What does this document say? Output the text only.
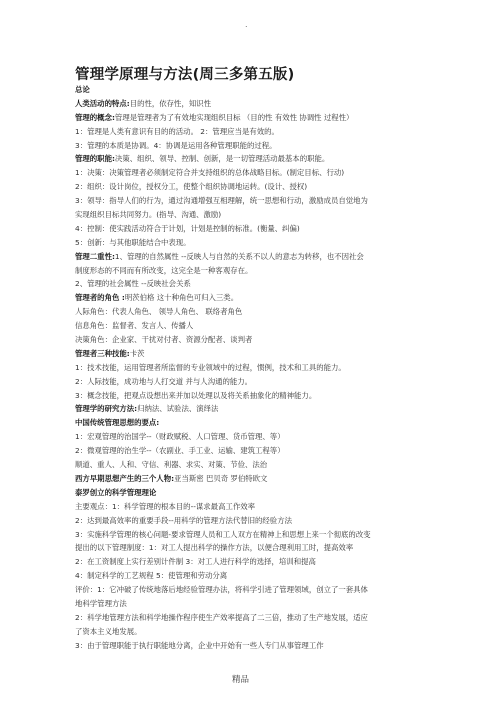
.
管理学原理与方法(周三多第五版)
总论
人类活动的特点:目的性，依存性，知识性
管理的概念:管理是管理者为了有效地实现组织目标 （目的性 有效性 协调性 过程性）
1：管理是人类有意识有目的的活动。 2：管理应当是有效的。
3：管理的本质是协调。4：协调是运用各种管理职能的过程。
管理的职能:决策、组织、领导、控制、创新，是一切管理活动最基本的职能。
1：决策：决策管理者必须制定符合并支持组织的总体战略目标。(制定目标、行动)
2：组织：设计岗位，授权分工，使整个组织协调地运转。(设计、授权)
3：领导：指导人们的行为，通过沟通增强互相理解，统一思想和行动，激励成员自觉地为
实现组织目标共同努力。(指导、沟通、激励)
4：控制：使实践活动符合于计划，计划是控制的标准。(衡量、纠偏)
5：创新：与其他职能结合中表现。
管理二重性:1、管理的自然属性 --反映人与自然的关系不以人的意志为转移，也不因社会
制度形态的不同而有所改变，这完全是一种客观存在。
2、管理的社会属性 --反映社会关系
管理者的角色 :明茨伯格 这十种角色可归入三类。
人际角色：代表人角色、 领导人角色、 联络者角色
信息角色：监督者、发言人、传播人
决策角色：企业家、干扰对付者、资源分配者、谈判者
管理者三种技能:卡茨
1：技术技能，运用管理者所监督的专业领域中的过程，惯例，技术和工具的能力。
2：人际技能，成功地与人打交道 并与人沟通的能力。
3：概念技能，把观点设想出来并加以处理以及将关系抽象化的精神能力。
管理学的研究方法:归纳法、试验法、演绎法
中国传统管理思想的要点:
1：宏观管理的治国学--（财政赋税、人口管理、货币管理、等）
2：微观管理的治生学--（农副业、手工业、运输、建筑工程等）
顺道、重人、人和、守信、利器、求实、对策、节俭、法治
西方早期思想产生的三个人物:亚当斯密 巴贝奇 罗伯特欧文
泰罗创立的科学管理理论
主要观点：1：科学管理的根本目的--谋求最高工作效率
2：达到最高效率的重要手段--用科学的管理方法代替旧的经验方法
3：实施科学管理的核心问题-要求管理人员和工人双方在精神上和思想上来一个彻底的改变
提出的以下管理制度：1：对工人提出科学的操作方法，以便合理利用工时，提高效率
2：在工资制度上实行差别计件制 3：对工人进行科学的选择，培训和提高
4：制定科学的工艺规程 5：使管理和劳动分离
评价：1：它冲破了传统地落后地经验管理办法，将科学引进了管理领域，创立了一套具体
地科学管理方法
2：科学地管理方法和科学地操作程序使生产效率提高了二三倍，推动了生产地发展，适应
了资本主义地发展。
3：由于管理职能于执行职能地分离，企业中开始有一些人专门从事管理工作
精品
